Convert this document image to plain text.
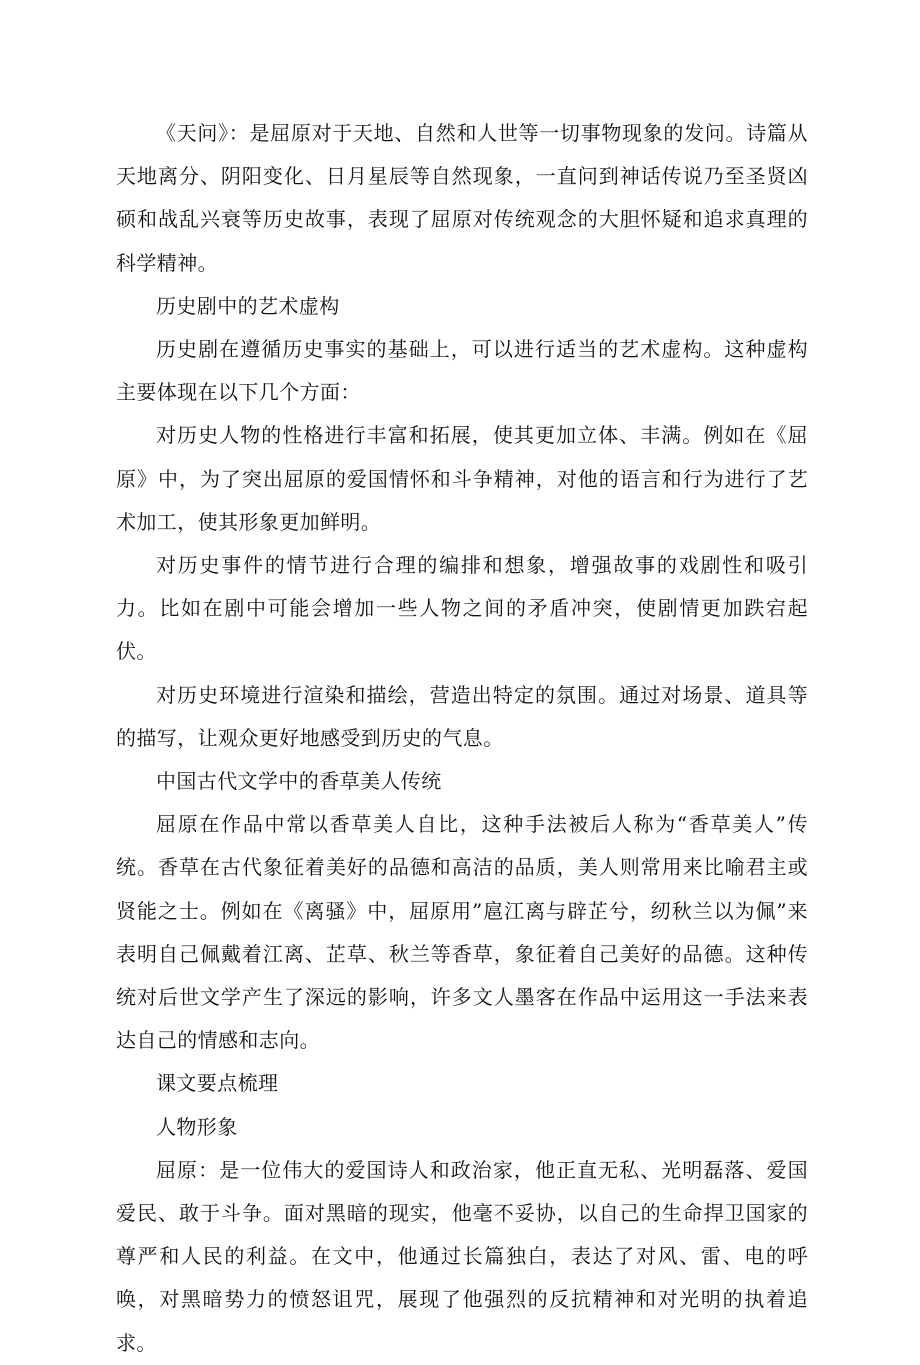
《天问》：是屈原对于天地、自然和人世等一切事物现象的发问。诗篇从天地离分、阴阳变化、日月星辰等自然现象，一直问到神话传说乃至圣贤凶硕和战乱兴衰等历史故事，表现了屈原对传统观念的大胆怀疑和追求真理的科学精神。

历史剧中的艺术虚构

历史剧在遵循历史事实的基础上，可以进行适当的艺术虚构。这种虚构主要体现在以下几个方面：

对历史人物的性格进行丰富和拓展，使其更加立体、丰满。例如在《屈原》中，为了突出屈原的爱国情怀和斗争精神，对他的语言和行为进行了艺术加工，使其形象更加鲜明。

对历史事件的情节进行合理的编排和想象，增强故事的戏剧性和吸引力。比如在剧中可能会增加一些人物之间的矛盾冲突，使剧情更加跌宕起伏。

对历史环境进行渲染和描绘，营造出特定的氛围。通过对场景、道具等的描写，让观众更好地感受到历史的气息。

中国古代文学中的香草美人传统

屈原在作品中常以香草美人自比，这种手法被后人称为“香草美人”传统。香草在古代象征着美好的品德和高洁的品质，美人则常用来比喻君主或贤能之士。例如在《离骚》中，屈原用”扈江离与辟芷兮，纫秋兰以为佩”来表明自己佩戴着江离、芷草、秋兰等香草，象征着自己美好的品德。这种传统对后世文学产生了深远的影响，许多文人墨客在作品中运用这一手法来表达自己的情感和志向。

课文要点梳理

人物形象

屈原：是一位伟大的爱国诗人和政治家，他正直无私、光明磊落、爱国爱民、敢于斗争。面对黑暗的现实，他毫不妥协，以自己的生命捍卫国家的尊严和人民的利益。在文中，他通过长篇独白，表达了对风、雷、电的呼唤，对黑暗势力的愤怒诅咒，展现了他强烈的反抗精神和对光明的执着追求。
